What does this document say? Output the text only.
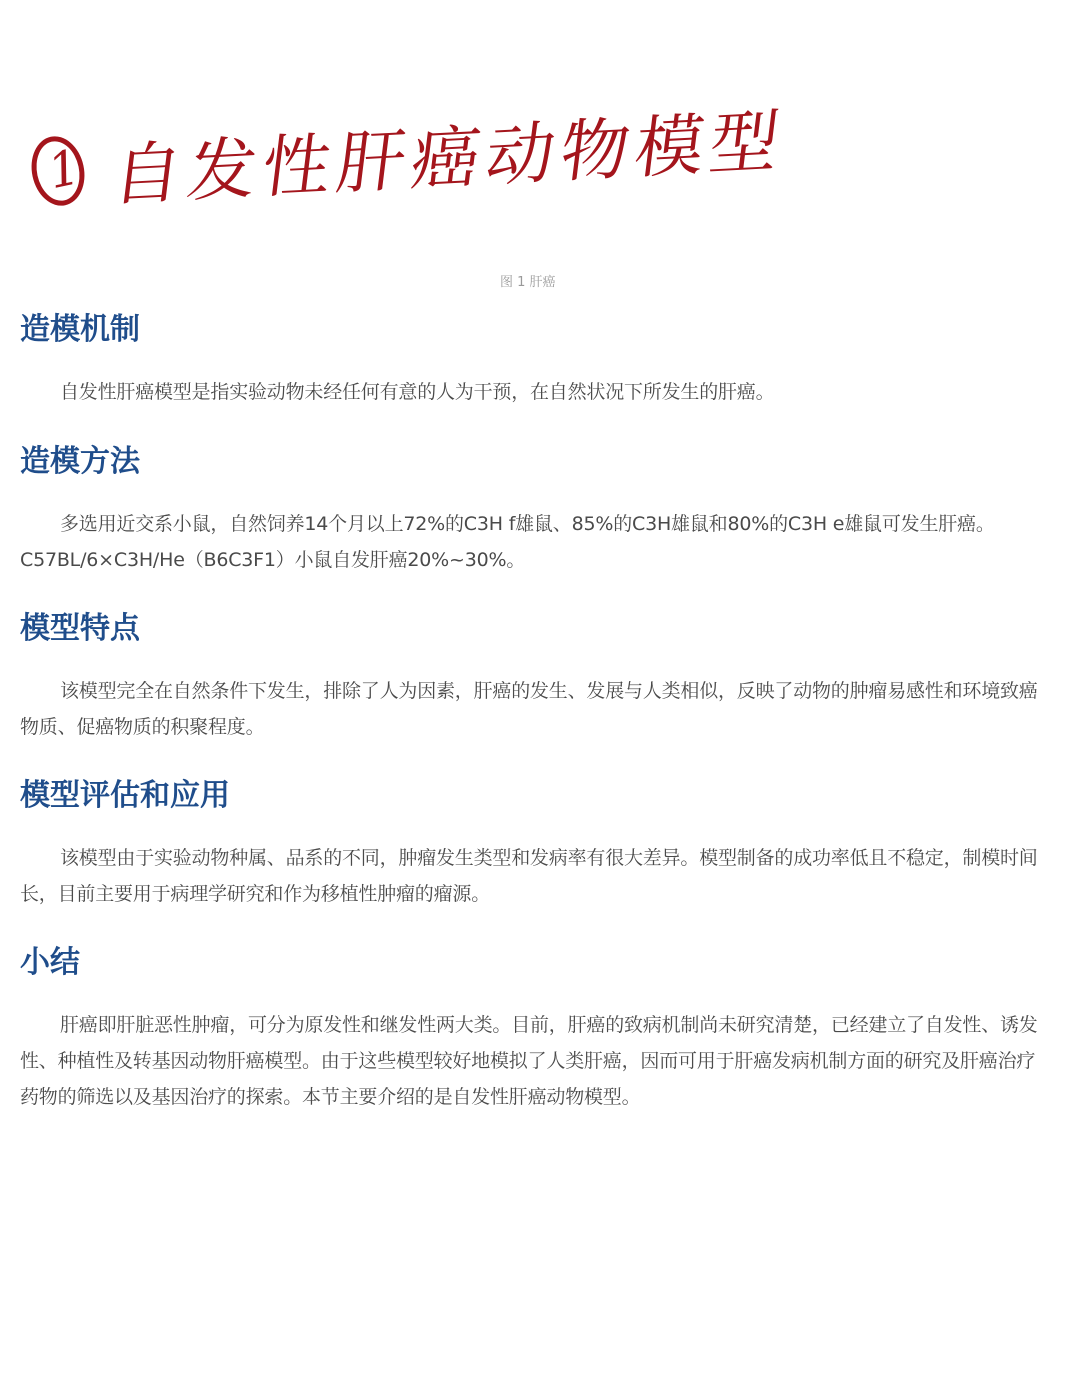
1 自发性肝癌动物模型
图 1 肝癌
造模机制

自发性肝癌模型是指实验动物未经任何有意的人为干预，在自然状况下所发生的肝癌。

造模方法

多选用近交系小鼠，自然饲养14个月以上72%的C3H f雄鼠、85%的C3H雄鼠和80%的C3H e雄鼠可发生肝癌。C57BL/6×C3H/He（B6C3F1）小鼠自发肝癌20%~30%。

模型特点

该模型完全在自然条件下发生，排除了人为因素，肝癌的发生、发展与人类相似，反映了动物的肿瘤易感性和环境致癌物质、促癌物质的积聚程度。

模型评估和应用

该模型由于实验动物种属、品系的不同，肿瘤发生类型和发病率有很大差异。模型制备的成功率低且不稳定，制模时间长，目前主要用于病理学研究和作为移植性肿瘤的瘤源。

小结

肝癌即肝脏恶性肿瘤，可分为原发性和继发性两大类。目前，肝癌的致病机制尚未研究清楚，已经建立了自发性、诱发性、种植性及转基因动物肝癌模型。由于这些模型较好地模拟了人类肝癌，因而可用于肝癌发病机制方面的研究及肝癌治疗药物的筛选以及基因治疗的探索。本节主要介绍的是自发性肝癌动物模型。
